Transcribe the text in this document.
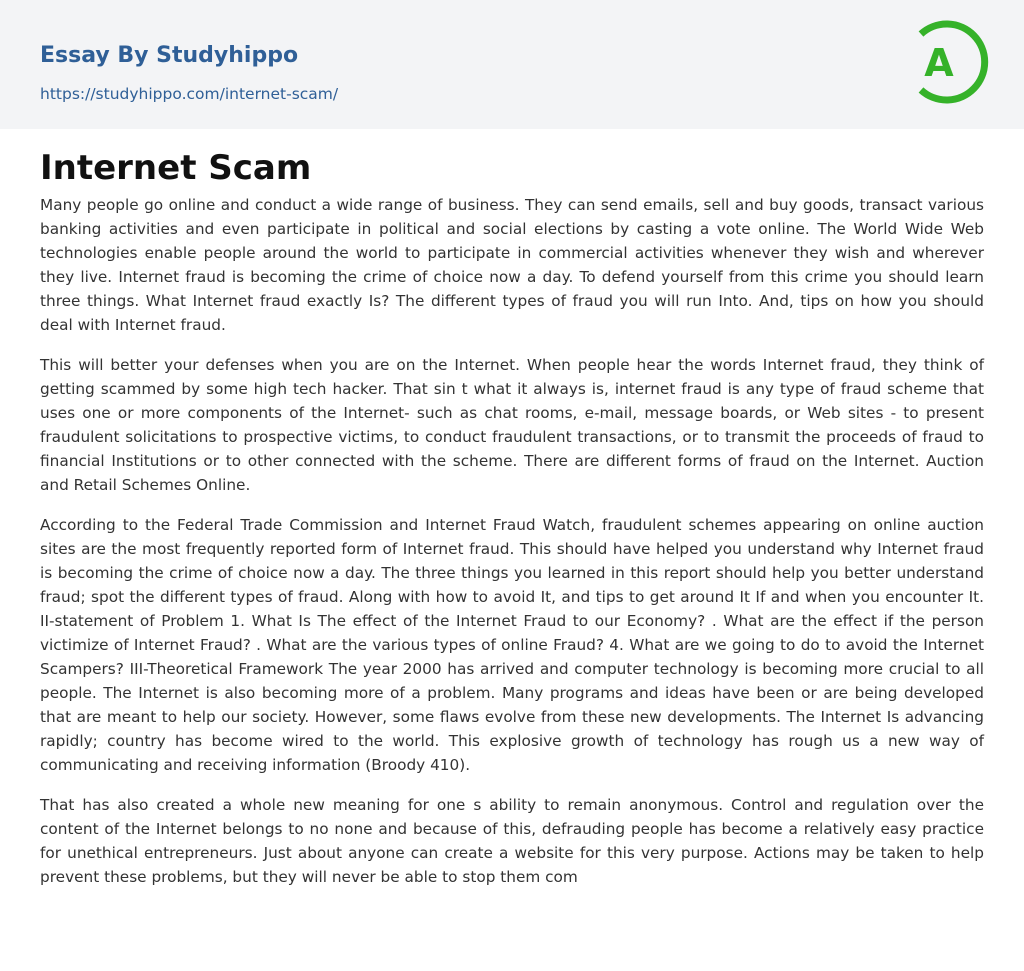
Essay By Studyhippo
https://studyhippo.com/internet-scam/
A
Internet Scam

Many people go online and conduct a wide range of business. They can send emails, sell and buy goods, transact various banking activities and even participate in political and social elections by casting a vote online. The World Wide Web technologies enable people around the world to participate in commercial activities whenever they wish and wherever they live. Internet fraud is becoming the crime of choice now a day. To defend yourself from this crime you should learn three things. What Internet fraud exactly Is? The different types of fraud you will run Into. And, tips on how you should deal with Internet fraud.

This will better your defenses when you are on the Internet. When people hear the words Internet fraud, they think of getting scammed by some high tech hacker. That sin t what it always is, internet fraud is any type of fraud scheme that uses one or more components of the Internet- such as chat rooms, e-mail, message boards, or Web sites - to present fraudulent solicitations to prospective victims, to conduct fraudulent transactions, or to transmit the proceeds of fraud to financial Institutions or to other connected with the scheme. There are different forms of fraud on the Internet. Auction and Retail Schemes Online.

According to the Federal Trade Commission and Internet Fraud Watch, fraudulent schemes appearing on online auction sites are the most frequently reported form of Internet fraud. This should have helped you understand why Internet fraud is becoming the crime of choice now a day. The three things you learned in this report should help you better understand fraud; spot the different types of fraud. Along with how to avoid It, and tips to get around It If and when you encounter It. II-statement of Problem 1. What Is The effect of the Internet Fraud to our Economy? . What are the effect if the person victimize of Internet Fraud? . What are the various types of online Fraud? 4. What are we going to do to avoid the Internet Scampers? III-Theoretical Framework The year 2000 has arrived and computer technology is becoming more crucial to all people. The Internet is also becoming more of a problem. Many programs and ideas have been or are being developed that are meant to help our society. However, some flaws evolve from these new developments. The Internet Is advancing rapidly; country has become wired to the world. This explosive growth of technology has rough us a new way of communicating and receiving information (Broody 410).

That has also created a whole new meaning for one s ability to remain anonymous. Control and regulation over the content of the Internet belongs to no none and because of this, defrauding people has become a relatively easy practice for unethical entrepreneurs. Just about anyone can create a website for this very purpose. Actions may be taken to help prevent these problems, but they will never be able to stop them com
